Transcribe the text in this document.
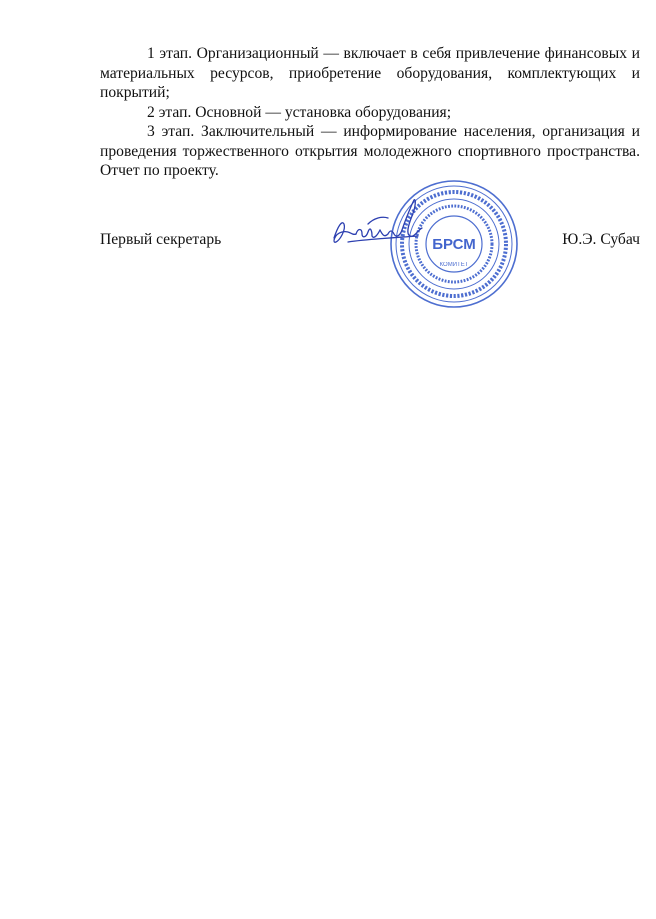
1 этап. Организационный — включает в себя привлечение финансовых и материальных ресурсов, приобретение оборудования, комплектующих и покрытий;

2 этап. Основной — установка оборудования;

3 этап. Заключительный — информирование населения, организация и проведения торжественного открытия молодежного спортивного пространства. Отчет по проекту.

Первый секретарь	Ю.Э. Субач
БРСМ
КОМИТЕТ
